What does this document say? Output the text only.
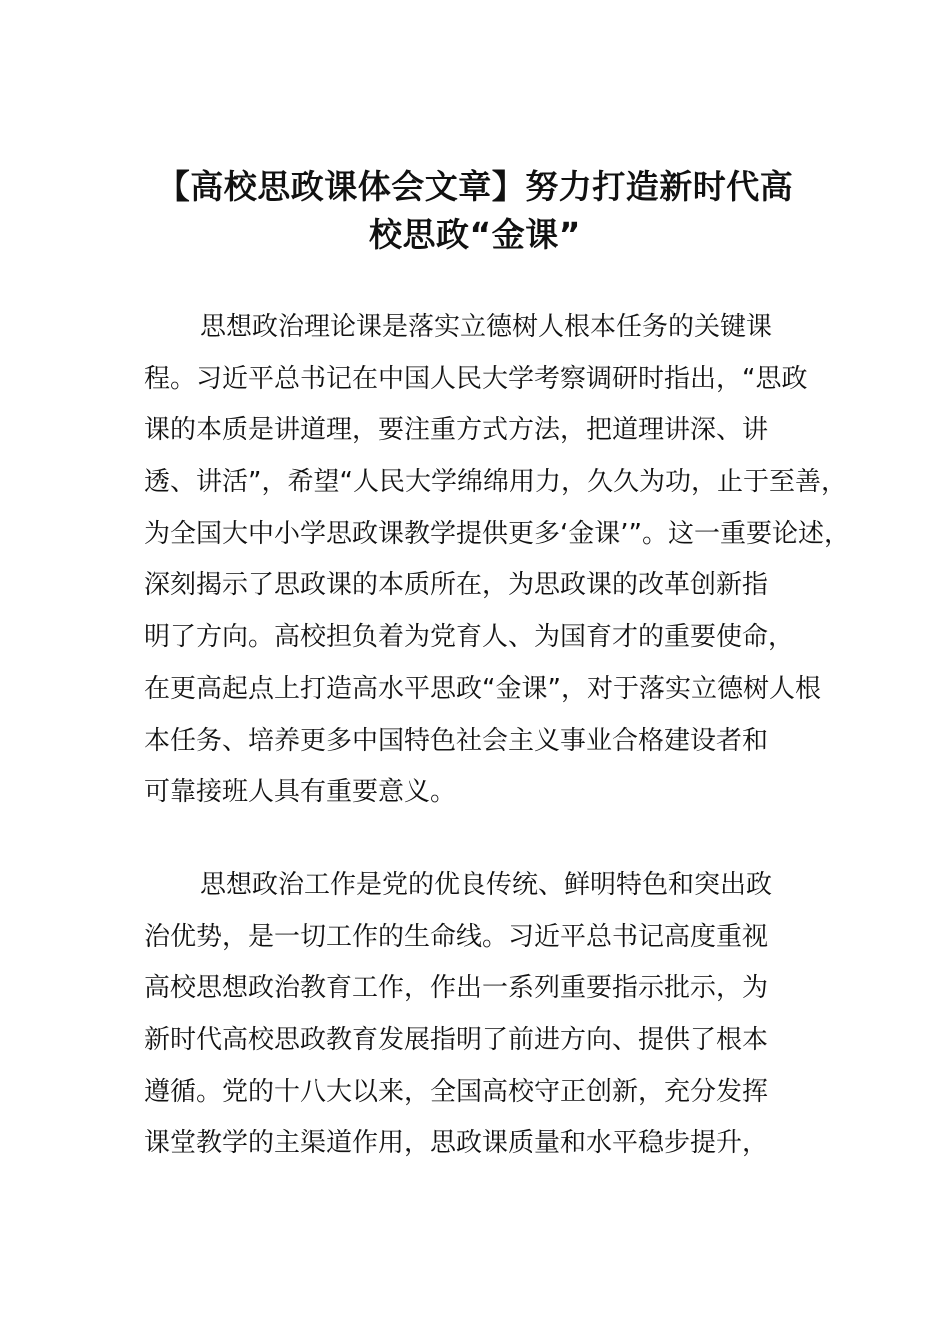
【高校思政课体会文章】努力打造新时代高
校思政“金课”
思想政治理论课是落实立德树人根本任务的关键课
程。习近平总书记在中国人民大学考察调研时指出，“思政
课的本质是讲道理，要注重方式方法，把道理讲深、讲
透、讲活”，希望“人民大学绵绵用力，久久为功，止于至善，
为全国大中小学思政课教学提供更多‘金课’”。这一重要论述，
深刻揭示了思政课的本质所在，为思政课的改革创新指
明了方向。高校担负着为党育人、为国育才的重要使命，
在更高起点上打造高水平思政“金课”，对于落实立德树人根
本任务、培养更多中国特色社会主义事业合格建设者和
可靠接班人具有重要意义。
思想政治工作是党的优良传统、鲜明特色和突出政
治优势，是一切工作的生命线。习近平总书记高度重视
高校思想政治教育工作，作出一系列重要指示批示，为
新时代高校思政教育发展指明了前进方向、提供了根本
遵循。党的十八大以来，全国高校守正创新，充分发挥
课堂教学的主渠道作用，思政课质量和水平稳步提升，
